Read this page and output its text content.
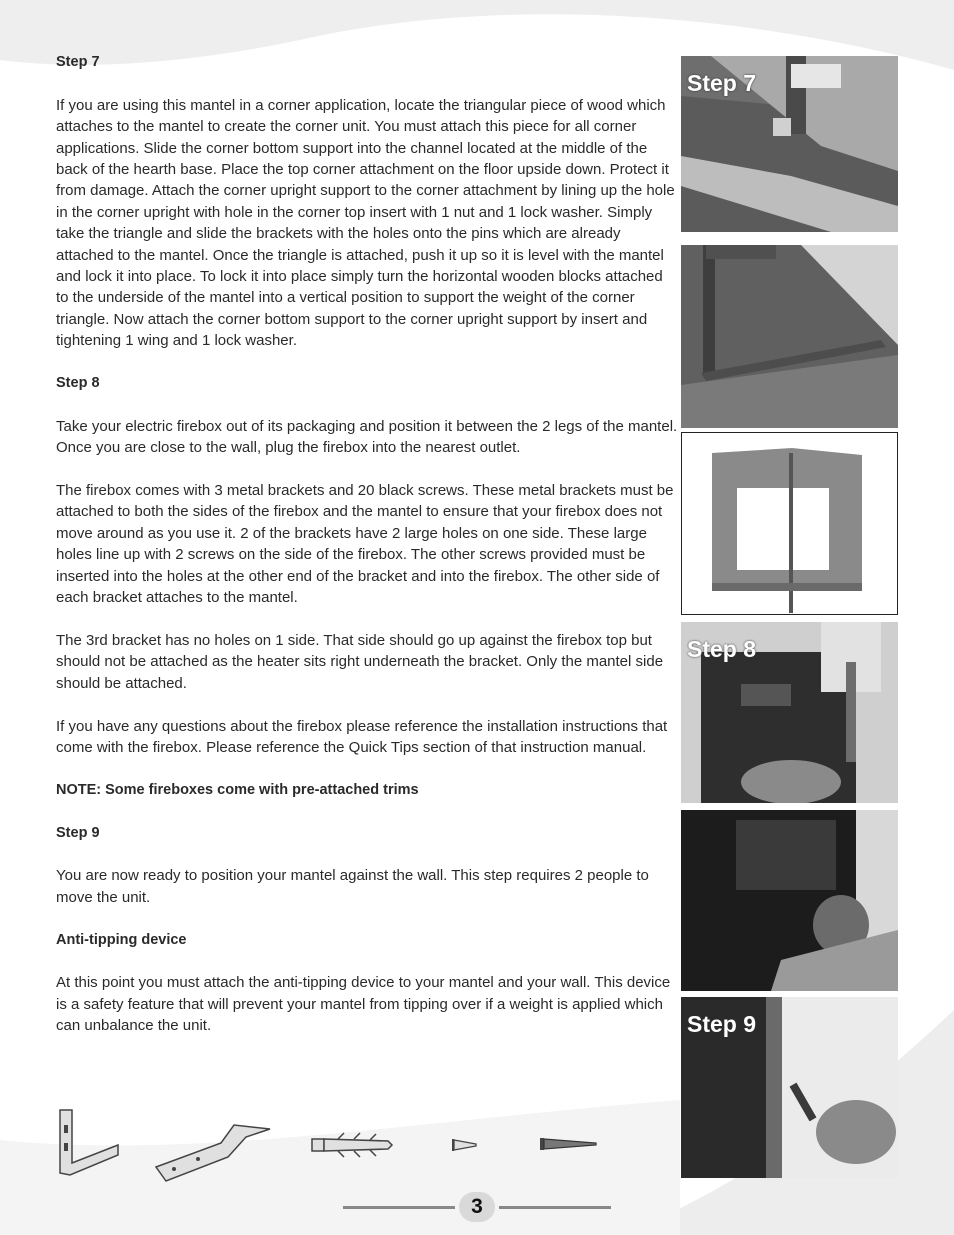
Step 7

If you are using this mantel in a corner application, locate the triangular piece of wood which attaches to the mantel to create the corner unit. You must attach this piece for all corner applications. Slide the corner bottom support into the channel located at the middle of the back of the hearth base. Place the top corner attachment on the floor upside down. Protect it from damage. Attach the corner upright support to the corner attachment by lining up the hole in the corner upright with hole in the corner top insert with 1 nut and 1 lock washer. Simply take the triangle and slide the brackets with the holes onto the pins which are already attached to the mantel. Once the triangle is attached, push it up so it is level with the mantel and lock it into place. To lock it into place simply turn the horizontal wooden blocks attached to the underside of the mantel into a vertical position to support the weight of the corner triangle. Now attach the corner bottom support to the corner upright support by insert and tightening 1 wing and 1 lock washer.

Step 8

Take your electric firebox out of its packaging and position it between the 2 legs of the mantel. Once you are close to the wall, plug the firebox into the nearest outlet.

The firebox comes with 3 metal brackets and 20 black screws. These metal brackets must be attached to both the sides of the firebox and the mantel to ensure that your firebox does not move around as you use it. 2 of the brackets have 2 large holes on one side. These large holes line up with 2 screws on the side of the firebox. The other screws provided must be inserted into the holes at the other end of the bracket and into the firebox. The other side of each bracket attaches to the mantel.

The 3rd bracket has no holes on 1 side. That side should go up against the firebox top but should not be attached as the heater sits right underneath the bracket. Only the mantel side should be attached.

If you have any questions about the firebox please reference the installation instructions that come with the firebox. Please reference the Quick Tips section of that instruction manual.

NOTE: Some fireboxes come with pre-attached trims
Step 9

You are now ready to position your mantel against the wall. This step requires 2 people to move the unit.

Anti-tipping device

At this point you must attach the anti-tipping device to your mantel and your wall. This device is a safety feature that will prevent your mantel from tipping over if a weight is applied which can unbalance the unit.

Step 7
Step 8
Step 9
3
